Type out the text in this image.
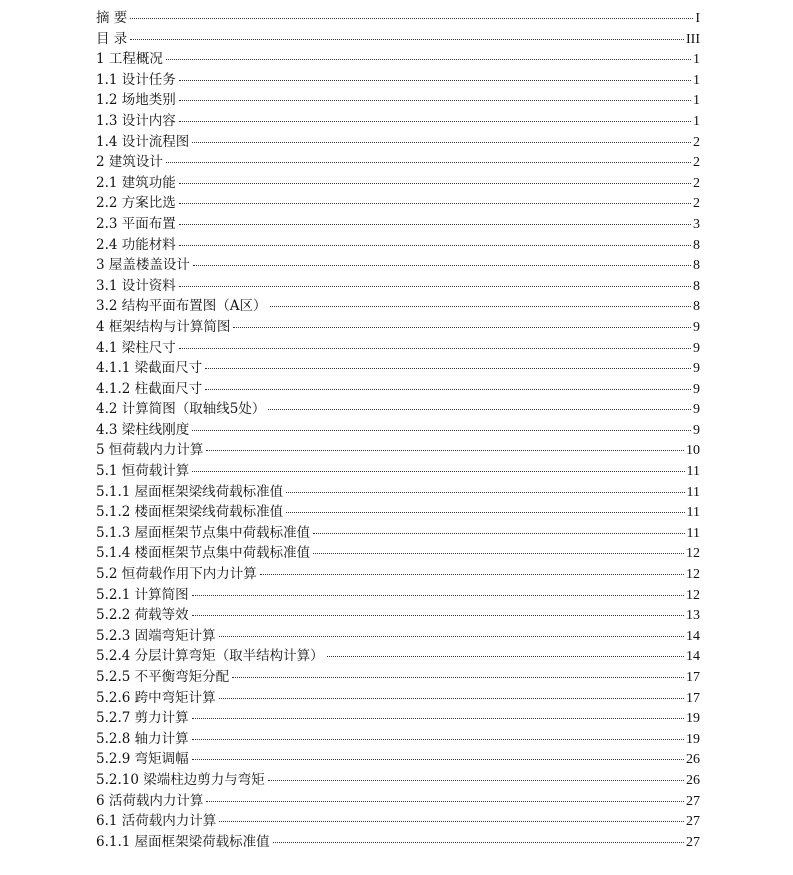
摘 要	I
目 录	III
1 工程概况	1
1.1 设计任务	1
1.2 场地类别	1
1.3 设计内容	1
1.4 设计流程图	2
2 建筑设计	2
2.1 建筑功能	2
2.2 方案比选	2
2.3 平面布置	3
2.4 功能材料	8
3 屋盖楼盖设计	8
3.1 设计资料	8
3.2 结构平面布置图（A区）	8
4 框架结构与计算简图	9
4.1 梁柱尺寸	9
4.1.1 梁截面尺寸	9
4.1.2 柱截面尺寸	9
4.2 计算简图（取轴线5处）	9
4.3 梁柱线刚度	9
5 恒荷载内力计算	10
5.1 恒荷载计算	11
5.1.1 屋面框架梁线荷载标准值	11
5.1.2 楼面框架梁线荷载标准值	11
5.1.3 屋面框架节点集中荷载标准值	11
5.1.4 楼面框架节点集中荷载标准值	12
5.2 恒荷载作用下内力计算	12
5.2.1 计算简图	12
5.2.2 荷载等效	13
5.2.3 固端弯矩计算	14
5.2.4 分层计算弯矩（取半结构计算）	14
5.2.5 不平衡弯矩分配	17
5.2.6 跨中弯矩计算	17
5.2.7 剪力计算	19
5.2.8 轴力计算	19
5.2.9 弯矩调幅	26
5.2.10 梁端柱边剪力与弯矩	26
6 活荷载内力计算	27
6.1 活荷载内力计算	27
6.1.1 屋面框架梁荷载标准值	27
